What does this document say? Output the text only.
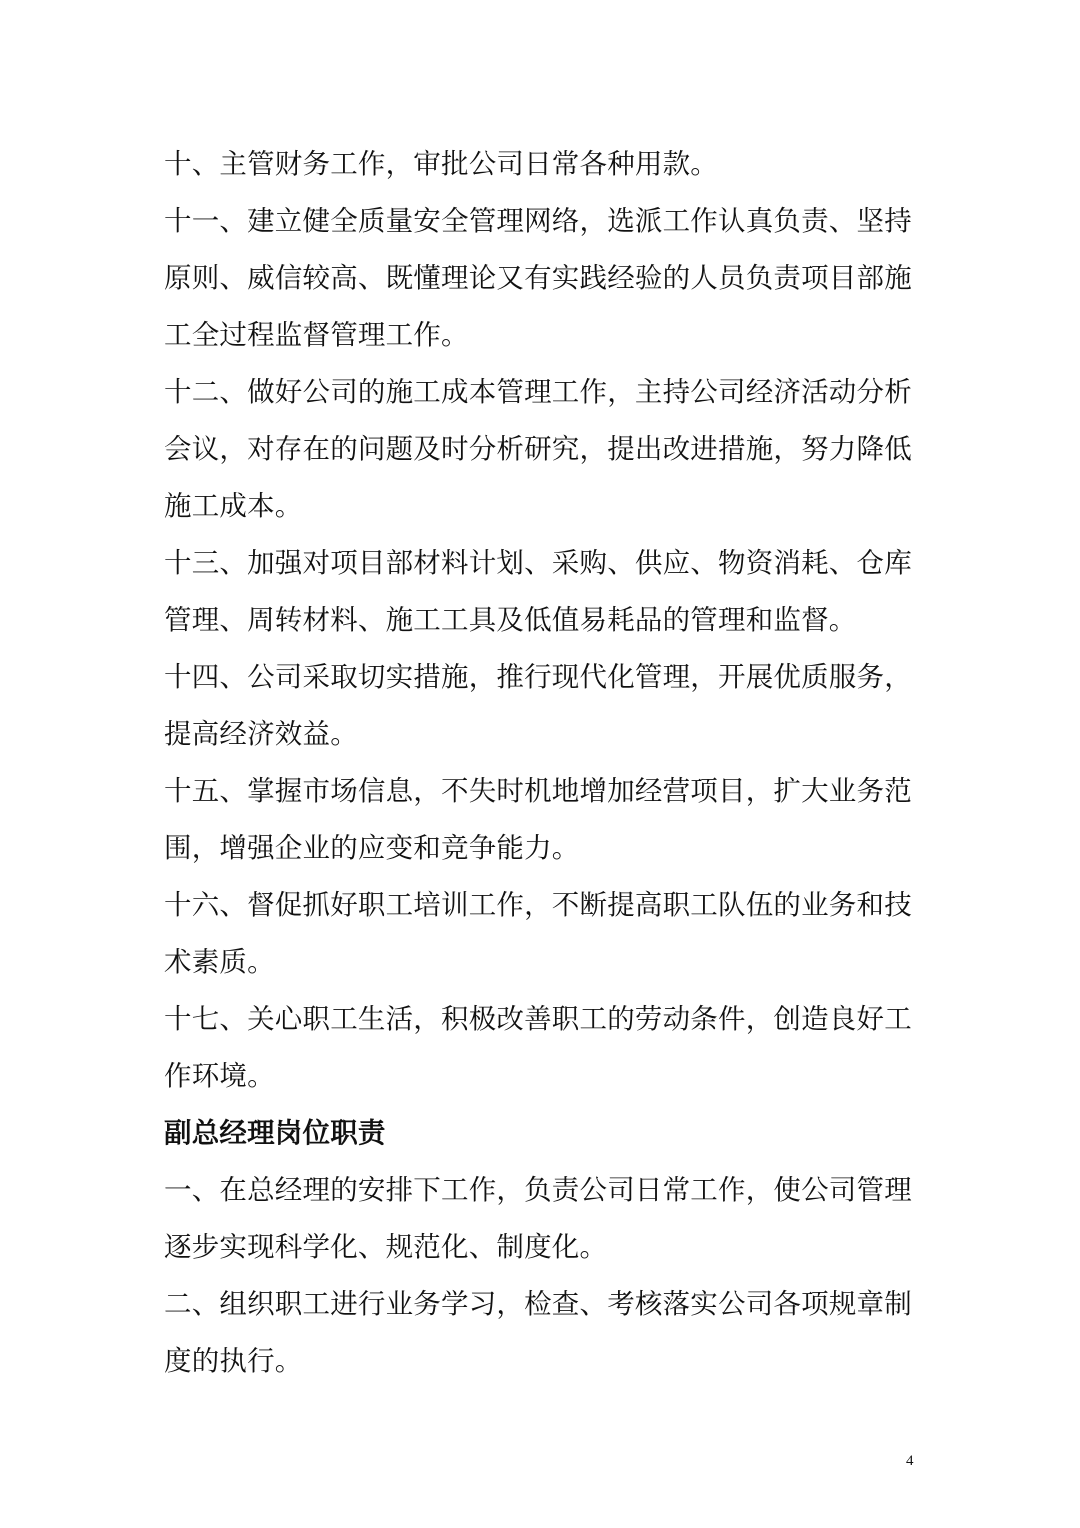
十、主管财务工作，审批公司日常各种用款。
十一、建立健全质量安全管理网络，选派工作认真负责、坚持
原则、威信较高、既懂理论又有实践经验的人员负责项目部施
工全过程监督管理工作。
十二、做好公司的施工成本管理工作，主持公司经济活动分析
会议，对存在的问题及时分析研究，提出改进措施，努力降低
施工成本。
十三、加强对项目部材料计划、采购、供应、物资消耗、仓库
管理、周转材料、施工工具及低值易耗品的管理和监督。
十四、公司采取切实措施，推行现代化管理，开展优质服务，
提高经济效益。
十五、掌握市场信息，不失时机地增加经营项目，扩大业务范
围，增强企业的应变和竞争能力。
十六、督促抓好职工培训工作，不断提高职工队伍的业务和技
术素质。
十七、关心职工生活，积极改善职工的劳动条件，创造良好工
作环境。
副总经理岗位职责
一、在总经理的安排下工作，负责公司日常工作，使公司管理
逐步实现科学化、规范化、制度化。
二、组织职工进行业务学习，检查、考核落实公司各项规章制
度的执行。
4
